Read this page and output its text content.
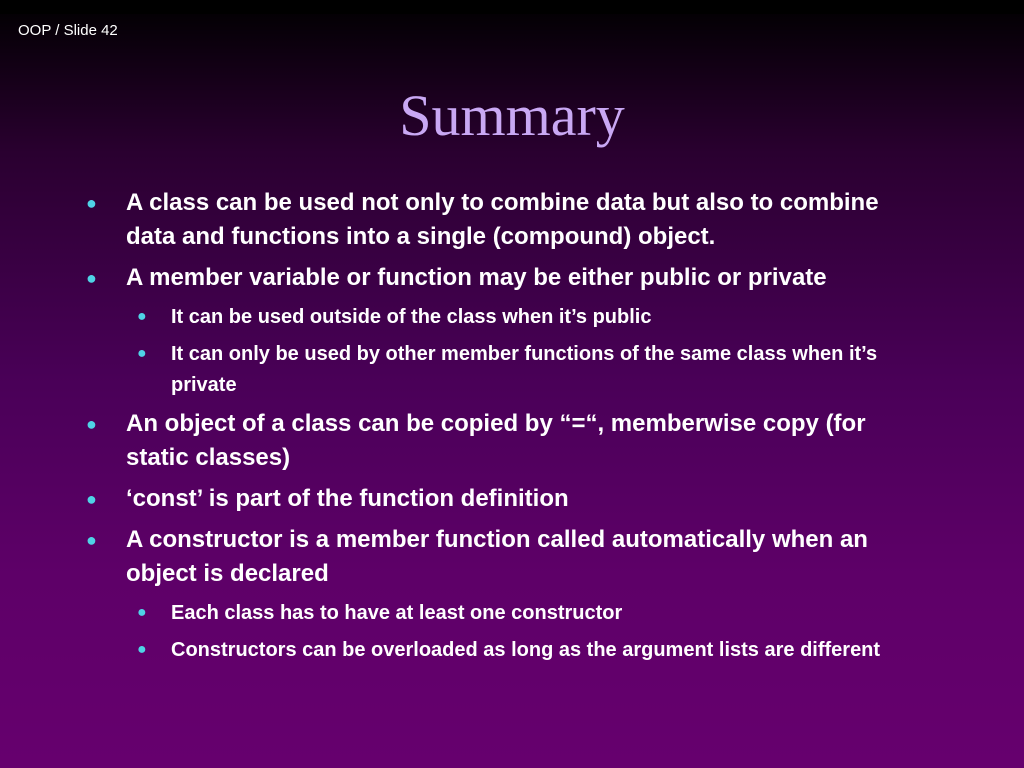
OOP / Slide 42
Summary
● A class can be used not only to combine data but also to combine data and functions into a single (compound) object.
● A member variable or function may be either public or private
● It can be used outside of the class when it’s public
● It can only be used by other member functions of the same class when it’s private
● An object of a class can be copied by “=“, memberwise copy (for static classes)
● ‘const’ is part of the function definition
● A constructor is a member function called automatically when an object is declared
● Each class has to have at least one constructor
● Constructors can be overloaded as long as the argument lists are different
